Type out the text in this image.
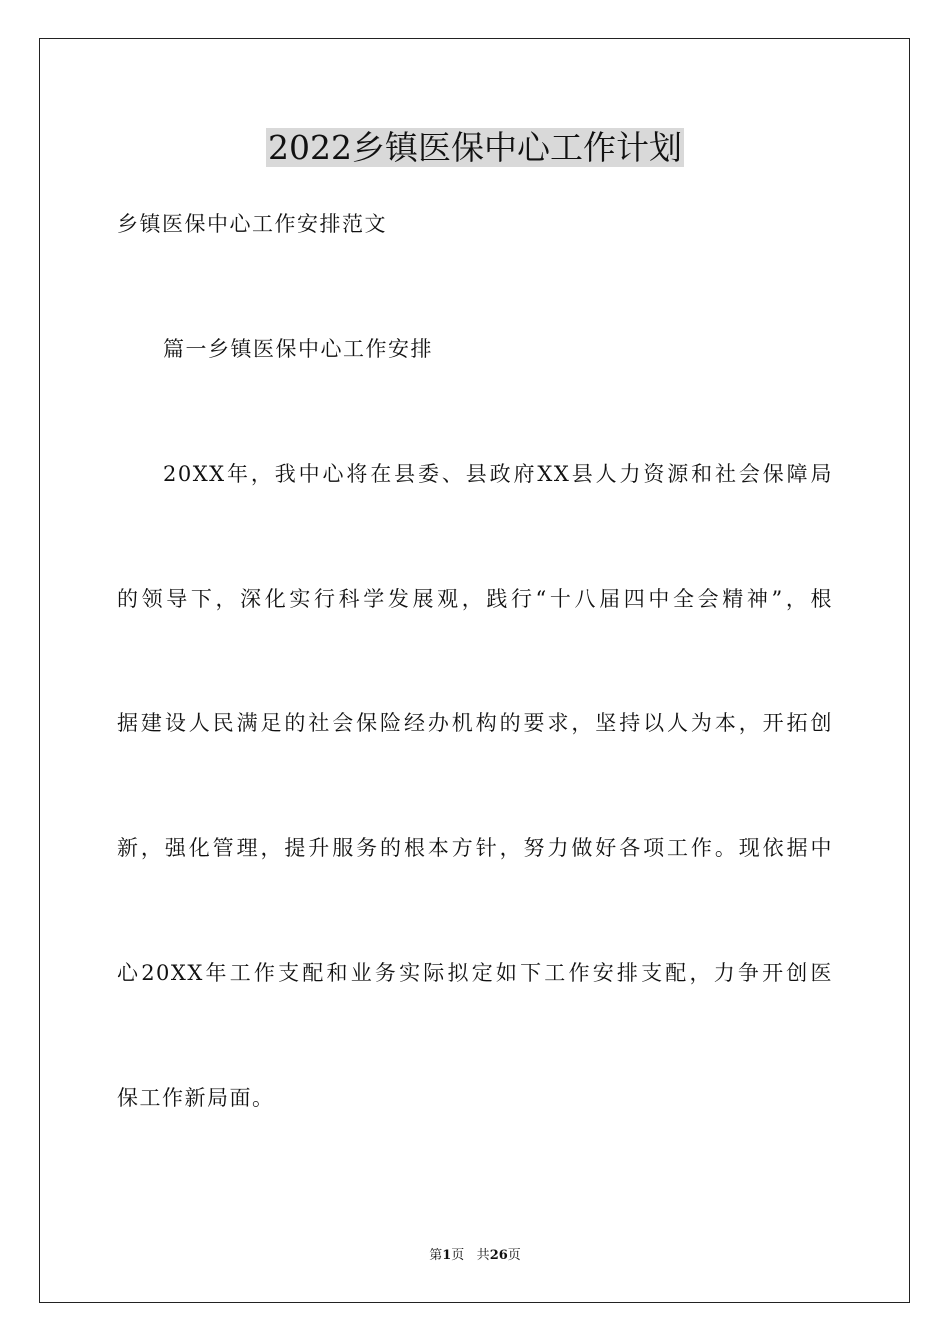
2022乡镇医保中心工作计划
乡镇医保中心工作安排范文
篇一乡镇医保中心工作安排
20XX年，我中心将在县委、县政府XX县人力资源和社会保障局
的领导下，深化实行科学发展观，践行“十八届四中全会精神”，根
据建设人民满足的社会保险经办机构的要求，坚持以人为本，开拓创
新，强化管理，提升服务的根本方针，努力做好各项工作。现依据中
心20XX年工作支配和业务实际拟定如下工作安排支配，力争开创医
保工作新局面。
第1页 共26页
